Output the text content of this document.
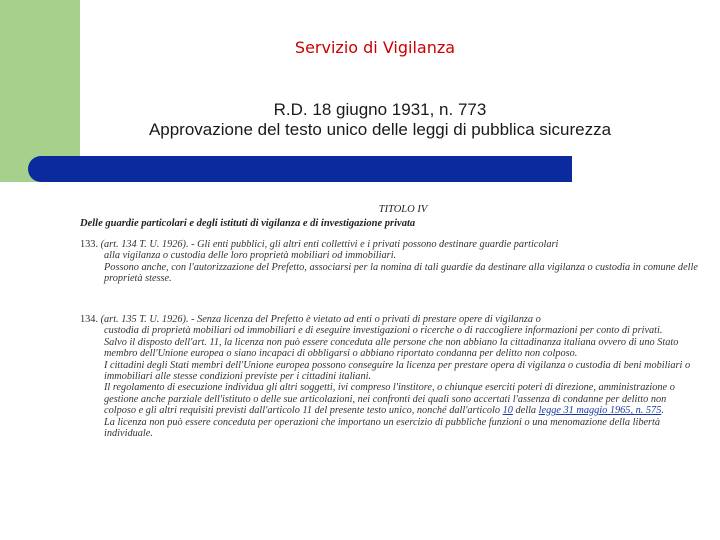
Servizio di Vigilanza
R.D. 18 giugno 1931, n. 773
Approvazione del testo unico delle leggi di pubblica sicurezza
TITOLO IV
Delle guardie particolari e degli istituti di vigilanza e di investigazione privata
133. (art. 134 T. U. 1926). - Gli enti pubblici, gli altri enti collettivi e i privati possono destinare guardie particolari
alla vigilanza o custodia delle loro proprietà mobiliari od immobiliari.
Possono anche, con l'autorizzazione del Prefetto, associarsi per la nomina di tali guardie da destinare alla vigilanza o custodia in comune delle proprietà stesse.
134. (art. 135 T. U. 1926). - Senza licenza del Prefetto è vietato ad enti o privati di prestare opere di vigilanza o
custodia di proprietà mobiliari od immobiliari e di eseguire investigazioni o ricerche o di raccogliere informazioni per conto di privati.
Salvo il disposto dell'art. 11, la licenza non può essere conceduta alle persone che non abbiano la cittadinanza italiana ovvero di uno Stato membro dell'Unione europea o siano incapaci di obbligarsi o abbiano riportato condanna per delitto non colposo.
I cittadini degli Stati membri dell'Unione europea possono conseguire la licenza per prestare opera di vigilanza o custodia di beni mobiliari o immobiliari alle stesse condizioni previste per i cittadini italiani.
Il regolamento di esecuzione individua gli altri soggetti, ivi compreso l'institore, o chiunque eserciti poteri di direzione, amministrazione o gestione anche parziale dell'istituto o delle sue articolazioni, nei confronti dei quali sono accertati l'assenza di condanne per delitto non colposo e gli altri requisiti previsti dall'articolo 11 del presente testo unico, nonché dall'articolo 10 della legge 31 maggio 1965, n. 575.
La licenza non può essere conceduta per operazioni che importano un esercizio di pubbliche funzioni o una menomazione della libertà individuale.
